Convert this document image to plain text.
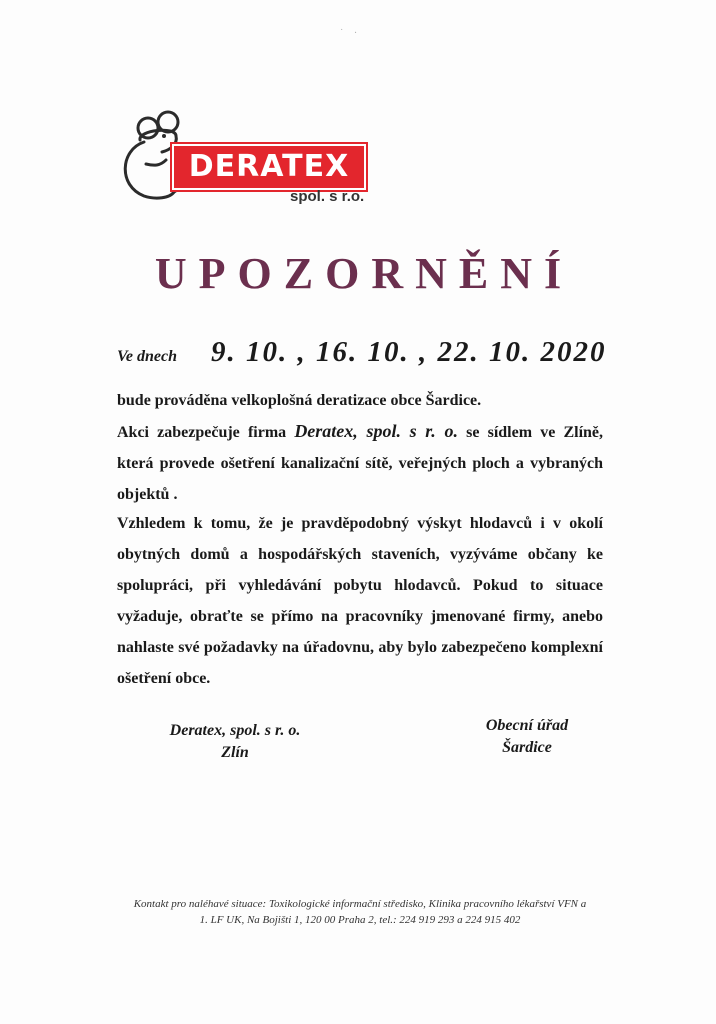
˙ ·
DERATEX
spol. s r.o.
UPOZORNĚNÍ
Ve dnech 9. 10. , 16. 10. , 22. 10. 2020
bude prováděna velkoplošná deratizace obce Šardice.
Akci zabezpečuje firma Deratex, spol. s r. o. se sídlem ve Zlíně,
která provede ošetření kanalizační sítě, veřejných ploch a vybraných
objektů .
Vzhledem k tomu, že je pravděpodobný výskyt hlodavců i v okolí obytných domů a hospodářských staveních, vyzýváme občany ke spolupráci, při vyhledávání pobytu hlodavců. Pokud to situace vyžaduje, obraťte se přímo na pracovníky jmenované firmy, anebo nahlaste své požadavky na úřadovnu, aby bylo zabezpečeno komplexní ošetření obce.
Deratex, spol. s r. o.
Zlín
Obecní úřad
Šardice
Kontakt pro naléhavé situace: Toxikologické informační středisko, Klinika pracovního lékařství VFN a
1. LF UK, Na Bojišti 1, 120 00 Praha 2, tel.: 224 919 293 a 224 915 402
